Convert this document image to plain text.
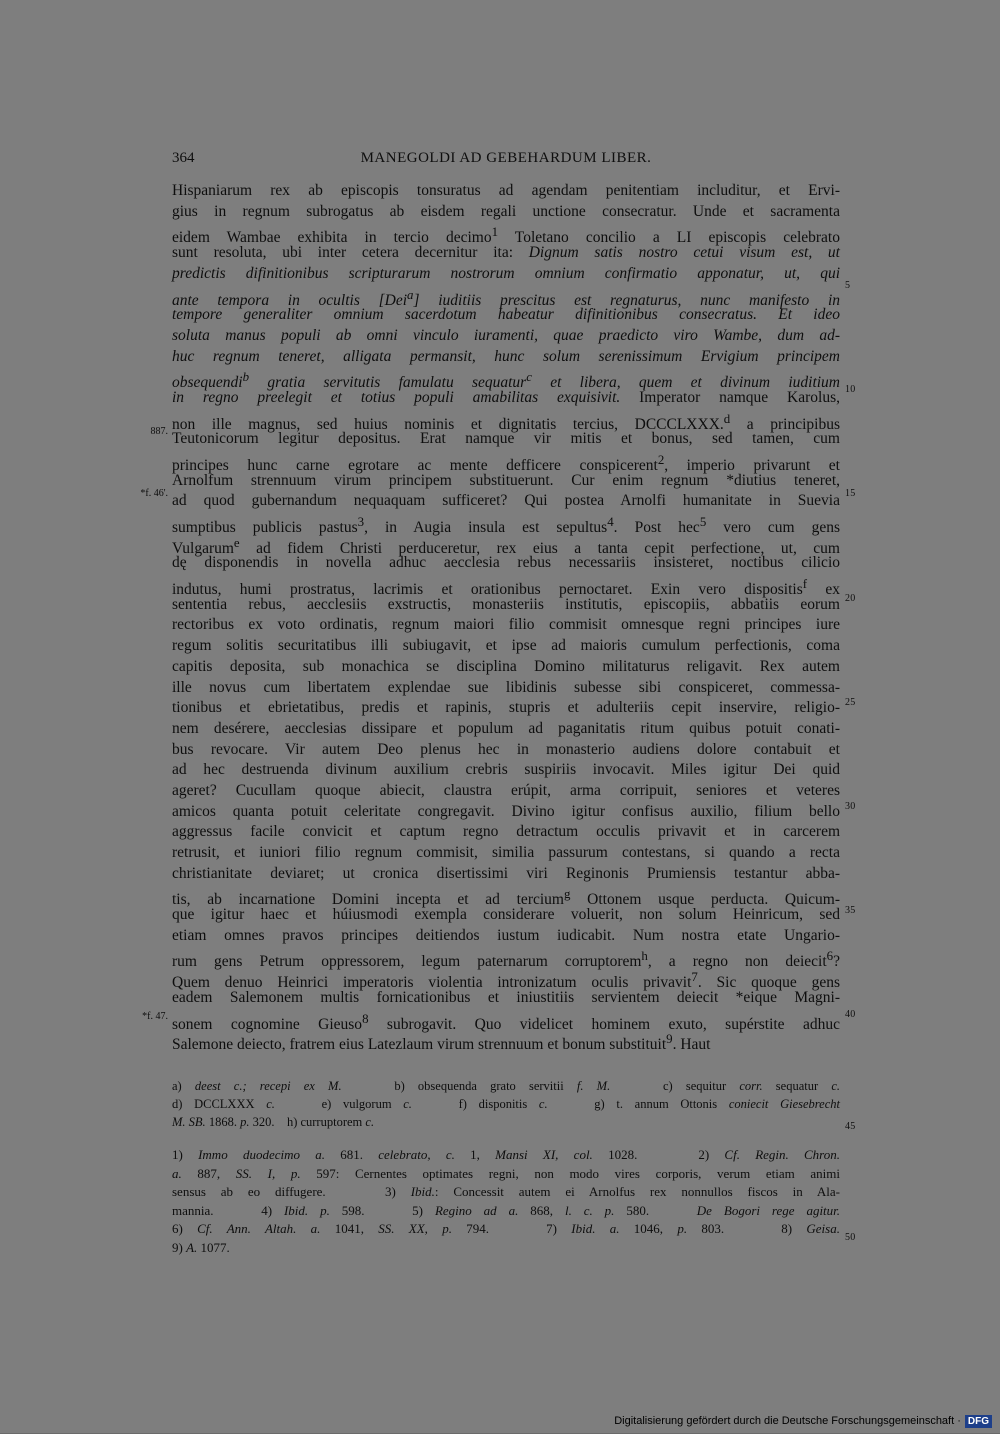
364	MANEGOLDI AD GEBEHARDUM LIBER.
Hispaniarum rex ab episcopis tonsuratus ad agendam penitentiam includitur, et Ervi-
gius in regnum subrogatus ab eisdem regali unctione consecratur. Unde et sacramenta
eidem Wambae exhibita in tercio decimo$^1$ Toletano concilio a LI episcopis celebrato
sunt resoluta, ubi inter cetera decernitur ita: Dignum satis nostro cetui visum est, ut
predictis difinitionibus scripturarum nostrorum omnium confirmatio apponatur, ut, qui
ante tempora in ocultis [Dei$^a$] iuditiis prescitus est regnaturus, nunc manifesto in
tempore generaliter omnium sacerdotum habeatur difinitionibus consecratus. Et ideo
soluta manus populi ab omni vinculo iuramenti, quae praedicto viro Wambe, dum ad-
huc regnum teneret, alligata permansit, hunc solum serenissimum Ervigium principem
obsequendi$^b$ gratia servitutis famulatu sequatur$^c$ et libera, quem et divinum iuditium
in regno preelegit et totius populi amabilitas exquisivit. Imperator namque Karolus,
non ille magnus, sed huius nominis et dignitatis tercius, DCCCLXXX.$^d$ a principibus
Teutonicorum legitur depositus. Erat namque vir mitis et bonus, sed tamen, cum
principes hunc carne egrotare ac mente defficere conspicerent$^2$, imperio privarunt et
Arnolfum strennuum virum principem substituerunt. Cur enim regnum *diutius teneret,
ad quod gubernandum nequaquam sufficeret? Qui postea Arnolfi humanitate in Suevia
sumptibus publicis pastus$^3$, in Augia insula est sepultus$^4$. Post hec$^5$ vero cum gens
Vulgarum$^e$ ad fidem Christi perduceretur, rex eius a tanta cepit perfectione, ut, cum
dę disponendis in novella adhuc aecclesia rebus necessariis insisteret, noctibus cilicio
indutus, humi prostratus, lacrimis et orationibus pernoctaret. Exin vero dispositis$^f$ ex
sententia rebus, aecclesiis exstructis, monasteriis institutis, episcopiis, abbatiis eorum
rectoribus ex voto ordinatis, regnum maiori filio commisit omnesque regni principes iure
regum solitis securitatibus illi subiugavit, et ipse ad maioris cumulum perfectionis, coma
capitis deposita, sub monachica se disciplina Domino militaturus religavit. Rex autem
ille novus cum libertatem explendae sue libidinis subesse sibi conspiceret, commessa-
tionibus et ebrietatibus, predis et rapinis, stupris et adulteriis cepit inservire, religio-
nem desérere, aecclesias dissipare et populum ad paganitatis ritum quibus potuit conati-
bus revocare. Vir autem Deo plenus hec in monasterio audiens dolore contabuit et
ad hec destruenda divinum auxilium crebris suspiriis invocavit. Miles igitur Dei quid
ageret? Cucullam quoque abiecit, claustra erúpit, arma corripuit, seniores et veteres
amicos quanta potuit celeritate congregavit. Divino igitur confisus auxilio, filium bello
aggressus facile convicit et captum regno detractum occulis privavit et in carcerem
retrusit, et iuniori filio regnum commisit, similia passurum contestans, si quando a recta
christianitate deviaret; ut cronica disertissimi viri Reginonis Prumiensis testantur abba-
tis, ab incarnatione Domini incepta et ad tercium$^g$ Ottonem usque perducta. Quicum-
que igitur haec et húiusmodi exempla considerare voluerit, non solum Heinricum, sed
etiam omnes pravos principes deitiendos iustum iudicabit. Num nostra etate Ungario-
rum gens Petrum oppressorem, legum paternarum corruptorem$^h$, a regno non deiecit$^6$?
Quem denuo Heinrici imperatoris violentia intronizatum oculis privavit$^7$. Sic quoque gens
eadem Salemonem multis fornicationibus et iniustitiis servientem deiecit *eique Magni-
sonem cognomine Gieuso$^8$ subrogavit. Quo videlicet hominem exuto, supérstite adhuc
Salemone deiecto, fratrem eius Latezlaum virum strennuum et bonum substituit$^9$. Haut
5
10
15
20
25
30
35
40
45
50
887.
*f. 46'.
*f. 47.
a) deest c.; recepi ex M.    b) obsequenda grato servitii f. M.    c) sequitur corr. sequatur c.
d) DCCLXXX c.    e) vulgorum c.    f) disponitis c.    g) t. annum Ottonis coniecit Giesebrecht
M. SB. 1868. p. 320.    h) curruptorem c.
1) Immo duodecimo a. 681. celebrato, c. 1, Mansi XI, col. 1028.    2) Cf. Regin. Chron.
a. 887, SS. I, p. 597: Cernentes optimates regni, non modo vires corporis, verum etiam animi
sensus ab eo diffugere.    3) Ibid.: Concessit autem ei Arnolfus rex nonnullos fiscos in Ala-
mannia.    4) Ibid. p. 598.    5) Regino ad a. 868, l. c. p. 580.    De Bogori rege agitur.
6) Cf. Ann. Altah. a. 1041, SS. XX, p. 794.    7) Ibid. a. 1046, p. 803.    8) Geisa.
9) A. 1077.
Digitalisierung gefördert durch die Deutsche Forschungsgemeinschaft · DFG
